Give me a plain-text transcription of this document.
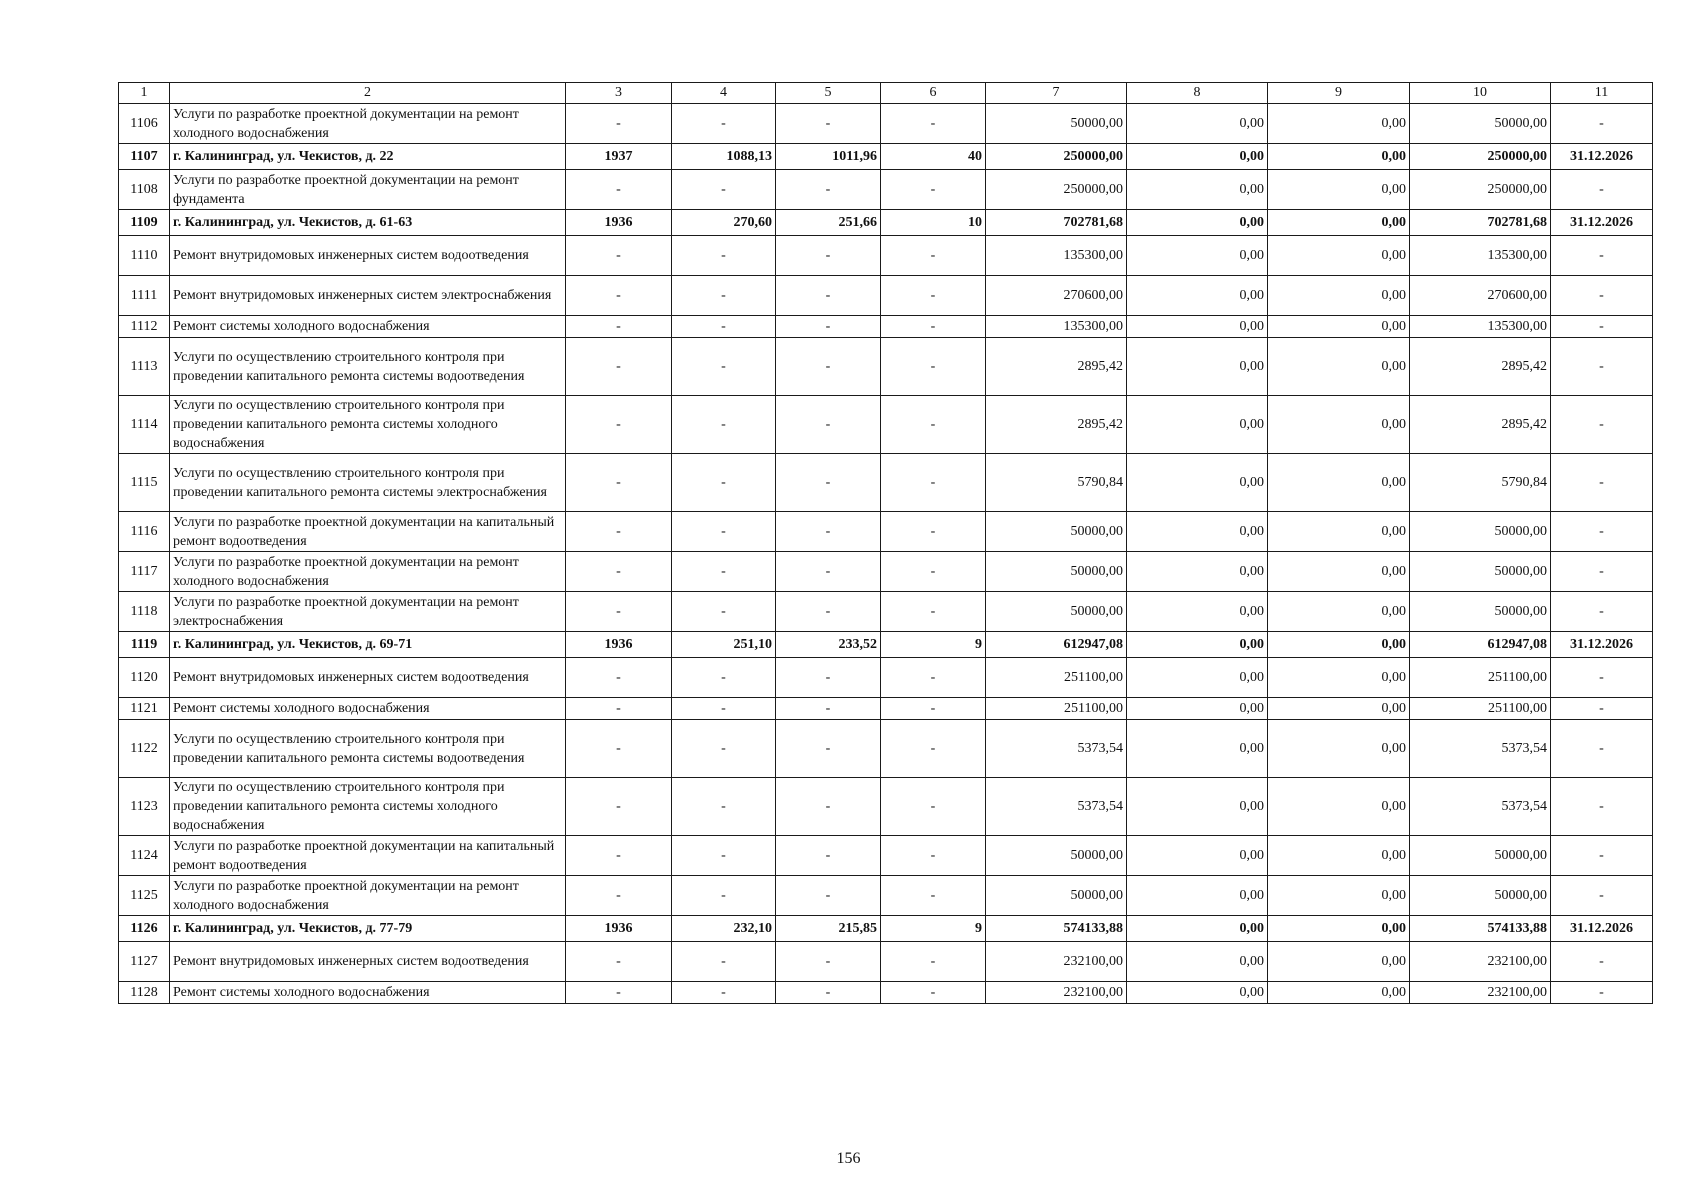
1	2	3	4	5	6	7	8	9	10	11
1106	Услуги по разработке проектной документации на ремонт холодного водоснабжения	-	-	-	-	50000,00	0,00	0,00	50000,00	-
1107	г. Калининград, ул. Чекистов, д. 22	1937	1088,13	1011,96	40	250000,00	0,00	0,00	250000,00	31.12.2026
1108	Услуги по разработке проектной документации на ремонт фундамента	-	-	-	-	250000,00	0,00	0,00	250000,00	-
1109	г. Калининград, ул. Чекистов, д. 61-63	1936	270,60	251,66	10	702781,68	0,00	0,00	702781,68	31.12.2026
1110	Ремонт внутридомовых инженерных систем водоотведения	-	-	-	-	135300,00	0,00	0,00	135300,00	-
1111	Ремонт внутридомовых инженерных систем электроснабжения	-	-	-	-	270600,00	0,00	0,00	270600,00	-
1112	Ремонт системы холодного водоснабжения	-	-	-	-	135300,00	0,00	0,00	135300,00	-
1113	Услуги по осуществлению строительного контроля при проведении капитального ремонта системы водоотведения	-	-	-	-	2895,42	0,00	0,00	2895,42	-
1114	Услуги по осуществлению строительного контроля при проведении капитального ремонта системы холодного водоснабжения	-	-	-	-	2895,42	0,00	0,00	2895,42	-
1115	Услуги по осуществлению строительного контроля при проведении капитального ремонта системы электроснабжения	-	-	-	-	5790,84	0,00	0,00	5790,84	-
1116	Услуги по разработке проектной документации на капитальный ремонт водоотведения	-	-	-	-	50000,00	0,00	0,00	50000,00	-
1117	Услуги по разработке проектной документации на ремонт холодного водоснабжения	-	-	-	-	50000,00	0,00	0,00	50000,00	-
1118	Услуги по разработке проектной документации на ремонт электроснабжения	-	-	-	-	50000,00	0,00	0,00	50000,00	-
1119	г. Калининград, ул. Чекистов, д. 69-71	1936	251,10	233,52	9	612947,08	0,00	0,00	612947,08	31.12.2026
1120	Ремонт внутридомовых инженерных систем водоотведения	-	-	-	-	251100,00	0,00	0,00	251100,00	-
1121	Ремонт системы холодного водоснабжения	-	-	-	-	251100,00	0,00	0,00	251100,00	-
1122	Услуги по осуществлению строительного контроля при проведении капитального ремонта системы водоотведения	-	-	-	-	5373,54	0,00	0,00	5373,54	-
1123	Услуги по осуществлению строительного контроля при проведении капитального ремонта системы холодного водоснабжения	-	-	-	-	5373,54	0,00	0,00	5373,54	-
1124	Услуги по разработке проектной документации на капитальный ремонт водоотведения	-	-	-	-	50000,00	0,00	0,00	50000,00	-
1125	Услуги по разработке проектной документации на ремонт холодного водоснабжения	-	-	-	-	50000,00	0,00	0,00	50000,00	-
1126	г. Калининград, ул. Чекистов, д. 77-79	1936	232,10	215,85	9	574133,88	0,00	0,00	574133,88	31.12.2026
1127	Ремонт внутридомовых инженерных систем водоотведения	-	-	-	-	232100,00	0,00	0,00	232100,00	-
1128	Ремонт системы холодного водоснабжения	-	-	-	-	232100,00	0,00	0,00	232100,00	-
156
